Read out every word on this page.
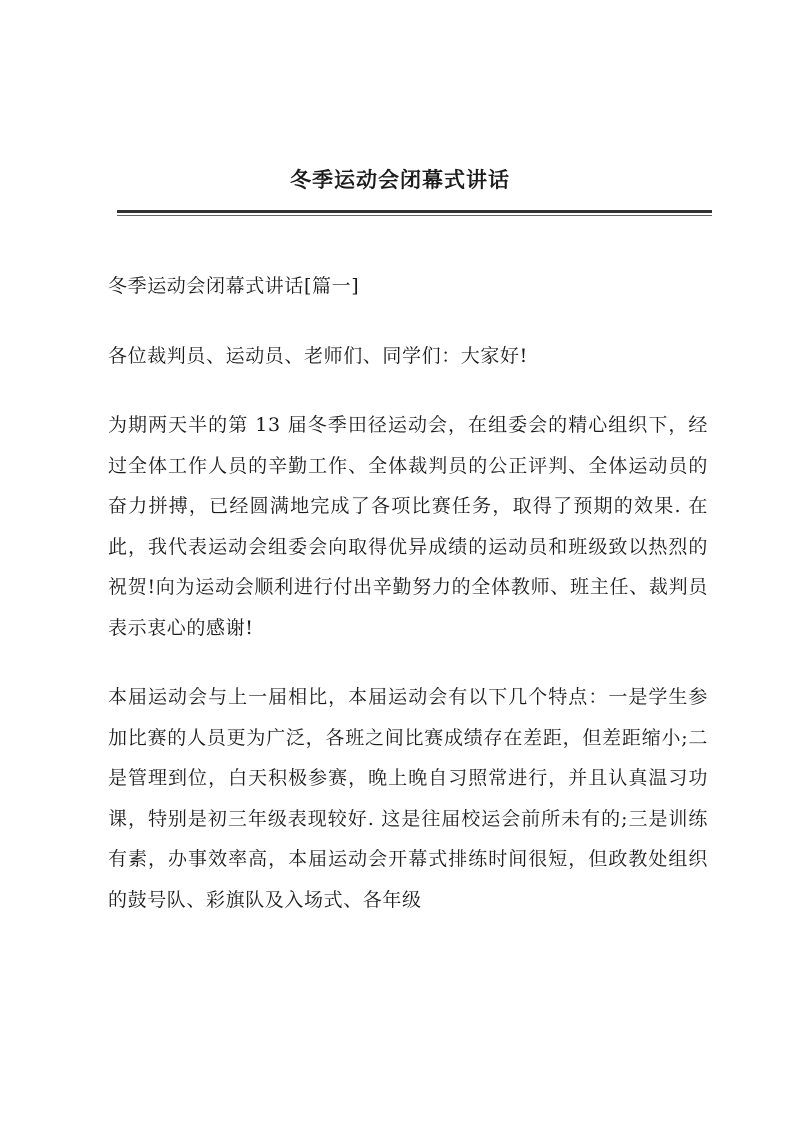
冬季运动会闭幕式讲话

冬季运动会闭幕式讲话[篇一]

各位裁判员、运动员、老师们、同学们：大家好!

为期两天半的第 13 届冬季田径运动会，在组委会的精心组织下，经过全体工作人员的辛勤工作、全体裁判员的公正评判、全体运动员的奋力拼搏，已经圆满地完成了各项比赛任务，取得了预期的效果. 在此，我代表运动会组委会向取得优异成绩的运动员和班级致以热烈的祝贺!向为运动会顺利进行付出辛勤努力的全体教师、班主任、裁判员表示衷心的感谢!

本届运动会与上一届相比，本届运动会有以下几个特点：一是学生参加比赛的人员更为广泛，各班之间比赛成绩存在差距，但差距缩小;二是管理到位，白天积极参赛，晚上晚自习照常进行，并且认真温习功课，特别是初三年级表现较好. 这是往届校运会前所未有的;三是训练有素，办事效率高，本届运动会开幕式排练时间很短，但政教处组织的鼓号队、彩旗队及入场式、各年级
